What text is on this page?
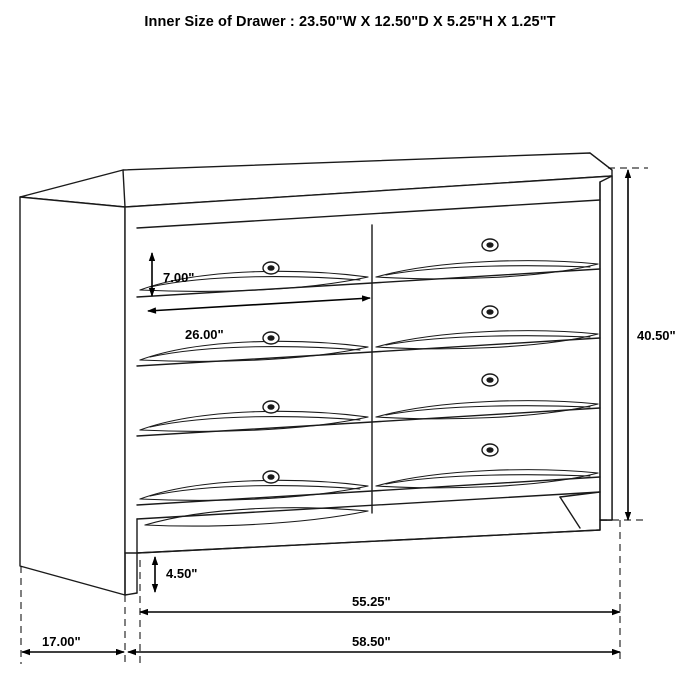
Inner Size of Drawer : 23.50"W X 12.50"D X 5.25"H X 1.25"T
7.00"
26.00"
4.50"
40.50"
55.25"
58.50"
17.00"
